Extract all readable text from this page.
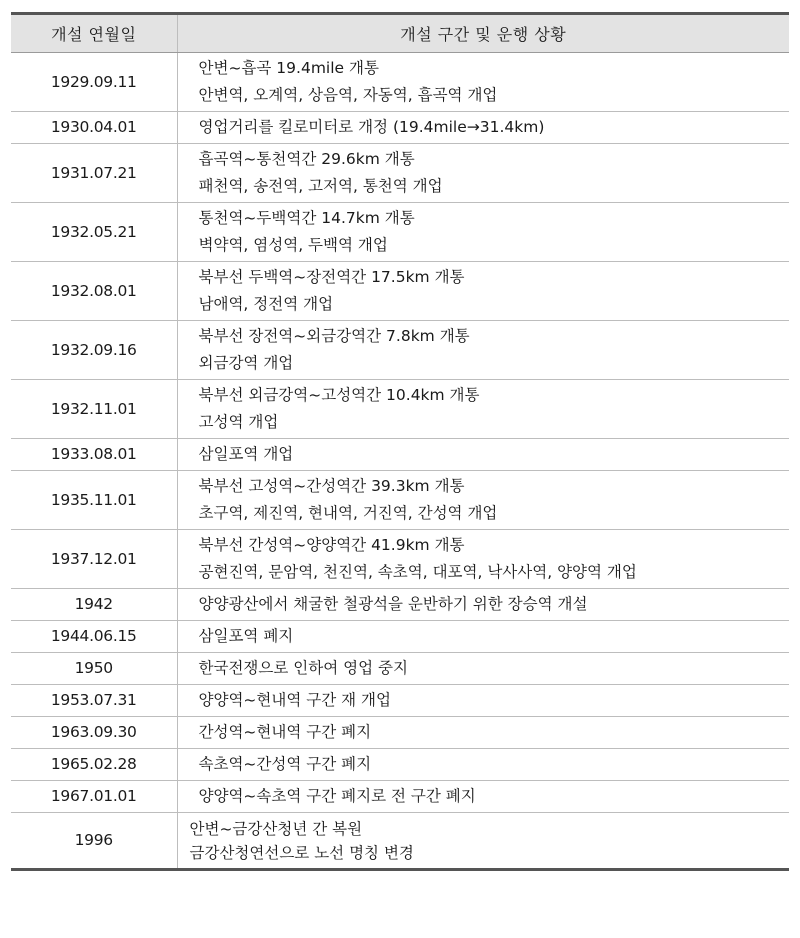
개설 연월일	개설 구간 및 운행 상황
1929.09.11	안변~흡곡 19.4mile 개통
안변역, 오계역, 상음역, 자동역, 흡곡역 개업

1930.04.01	영업거리를 킬로미터로 개정 (19.4mile→31.4km)

1931.07.21	흡곡역~통천역간 29.6km 개통
패천역, 송전역, 고저역, 통천역 개업

1932.05.21	통천역~두백역간 14.7km 개통
벽약역, 염성역, 두백역 개업

1932.08.01	북부선 두백역~장전역간 17.5km 개통
남애역, 정전역 개업

1932.09.16	북부선 장전역~외금강역간 7.8km 개통
외금강역 개업

1932.11.01	북부선 외금강역~고성역간 10.4km 개통
고성역 개업

1933.08.01	삼일포역 개업

1935.11.01	북부선 고성역~간성역간 39.3km 개통
초구역, 제진역, 현내역, 거진역, 간성역 개업

1937.12.01	북부선 간성역~양양역간 41.9km 개통
공현진역, 문암역, 천진역, 속초역, 대포역, 낙사사역, 양양역 개업

1942	양양광산에서 채굴한 철광석을 운반하기 위한 장승역 개설

1944.06.15	삼일포역 폐지

1950	한국전쟁으로 인하여 영업 중지

1953.07.31	양양역~현내역 구간 재 개업

1963.09.30	간성역~현내역 구간 폐지

1965.02.28	속초역~간성역 구간 폐지

1967.01.01	양양역~속초역 구간 폐지로 전 구간 폐지

1996	안변~금강산청년 간 복원
금강산청연선으로 노선 명칭 변경
